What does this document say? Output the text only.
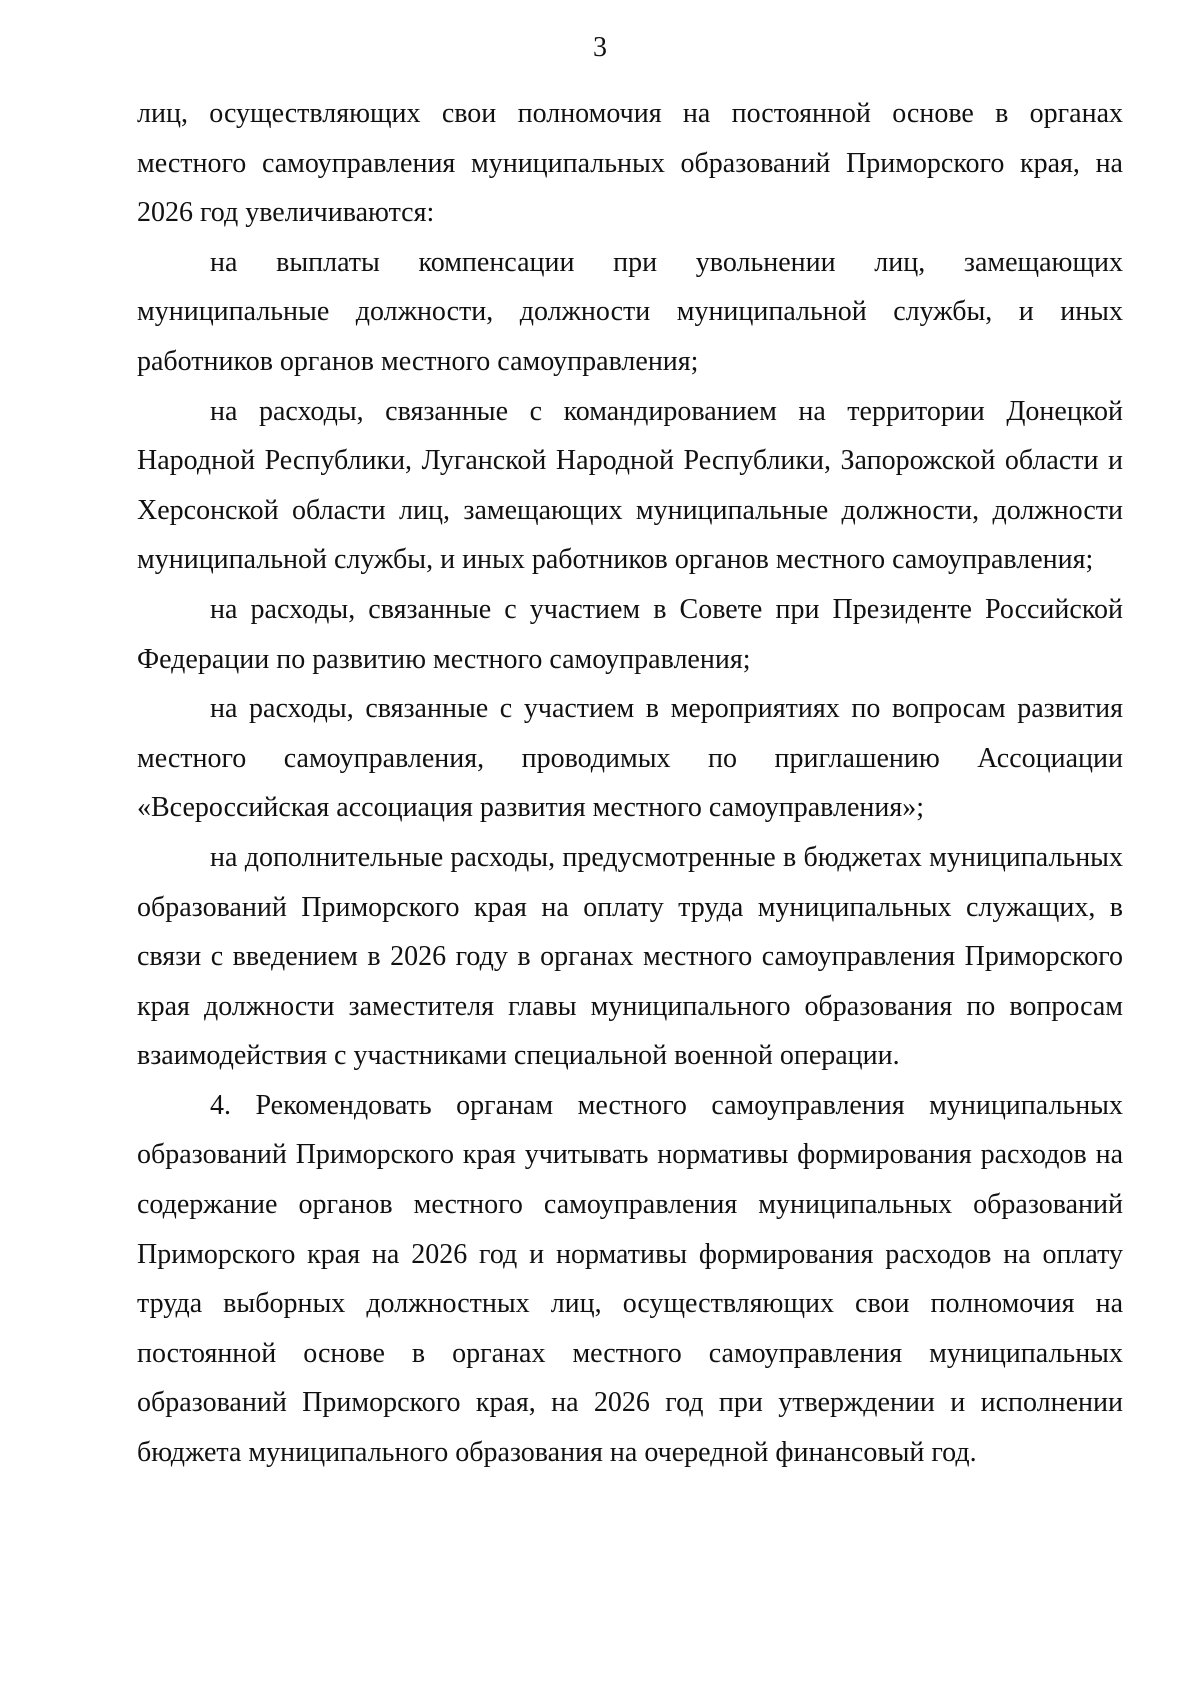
3

лиц, осуществляющих свои полномочия на постоянной основе в органах местного самоуправления муниципальных образований Приморского края, на 2026 год увеличиваются:

на выплаты компенсации при увольнении лиц, замещающих муниципальные должности, должности муниципальной службы, и иных работников органов местного самоуправления;

на расходы, связанные с командированием на территории Донецкой Народной Республики, Луганской Народной Республики, Запорожской области и Херсонской области лиц, замещающих муниципальные должности, должности муниципальной службы, и иных работников органов местного самоуправления;

на расходы, связанные с участием в Совете при Президенте Российской Федерации по развитию местного самоуправления;

на расходы, связанные с участием в мероприятиях по вопросам развития местного самоуправления, проводимых по приглашению Ассоциации «Всероссийская ассоциация развития местного самоуправления»;

на дополнительные расходы, предусмотренные в бюджетах муниципальных образований Приморского края на оплату труда муниципальных служащих, в связи с введением в 2026 году в органах местного самоуправления Приморского края должности заместителя главы муниципального образования по вопросам взаимодействия с участниками специальной военной операции.

4. Рекомендовать органам местного самоуправления муниципальных образований Приморского края учитывать нормативы формирования расходов на содержание органов местного самоуправления муниципальных образований Приморского края на 2026 год и нормативы формирования расходов на оплату труда выборных должностных лиц, осуществляющих свои полномочия на постоянной основе в органах местного самоуправления муниципальных образований Приморского края, на 2026 год при утверждении и исполнении бюджета муниципального образования на очередной финансовый год.
